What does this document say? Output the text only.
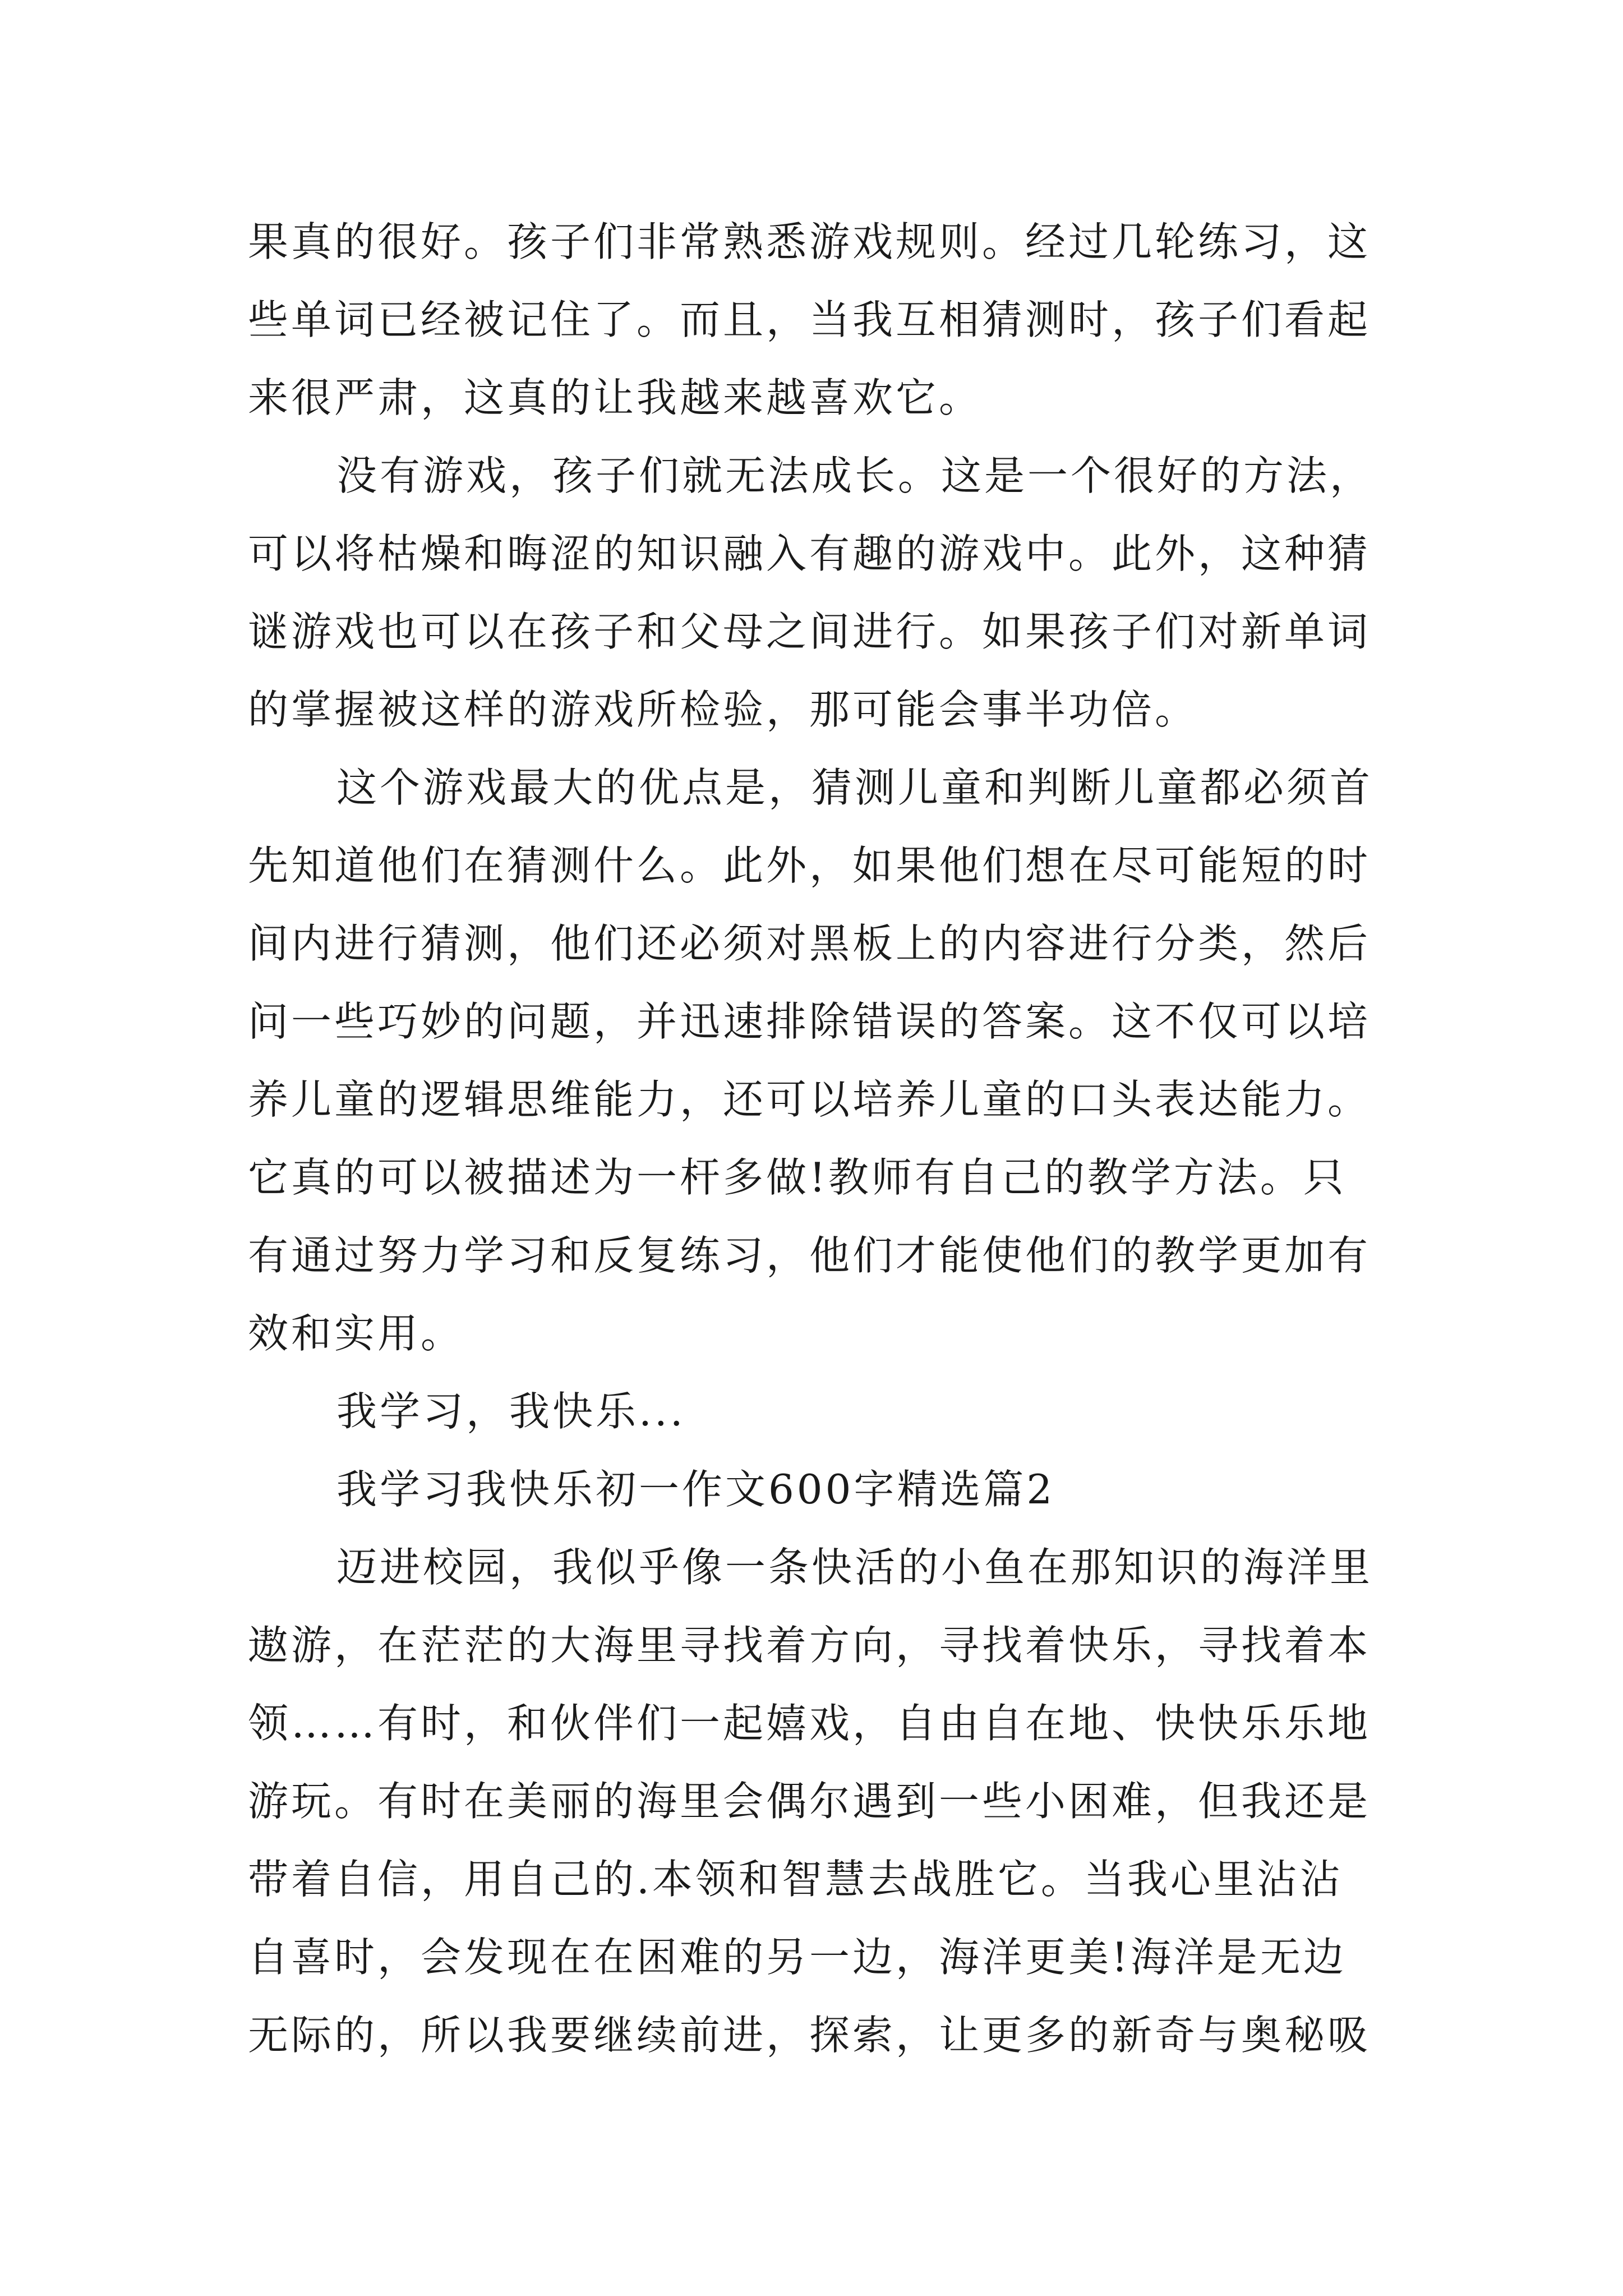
果真的很好。孩子们非常熟悉游戏规则。经过几轮练习，这
些单词已经被记住了。而且，当我互相猜测时，孩子们看起
来很严肃，这真的让我越来越喜欢它。
没有游戏，孩子们就无法成长。这是一个很好的方法，
可以将枯燥和晦涩的知识融入有趣的游戏中。此外，这种猜
谜游戏也可以在孩子和父母之间进行。如果孩子们对新单词
的掌握被这样的游戏所检验，那可能会事半功倍。
这个游戏最大的优点是，猜测儿童和判断儿童都必须首
先知道他们在猜测什么。此外，如果他们想在尽可能短的时
间内进行猜测，他们还必须对黑板上的内容进行分类，然后
问一些巧妙的问题，并迅速排除错误的答案。这不仅可以培
养儿童的逻辑思维能力，还可以培养儿童的口头表达能力。
它真的可以被描述为一杆多做!教师有自己的教学方法。只
有通过努力学习和反复练习，他们才能使他们的教学更加有
效和实用。
我学习，我快乐...
我学习我快乐初一作文600字精选篇2
迈进校园，我似乎像一条快活的小鱼在那知识的海洋里
遨游，在茫茫的大海里寻找着方向，寻找着快乐，寻找着本
领……有时，和伙伴们一起嬉戏，自由自在地、快快乐乐地
游玩。有时在美丽的海里会偶尔遇到一些小困难，但我还是
带着自信，用自己的.本领和智慧去战胜它。当我心里沾沾
自喜时，会发现在在困难的另一边，海洋更美!海洋是无边
无际的，所以我要继续前进，探索，让更多的新奇与奥秘吸
